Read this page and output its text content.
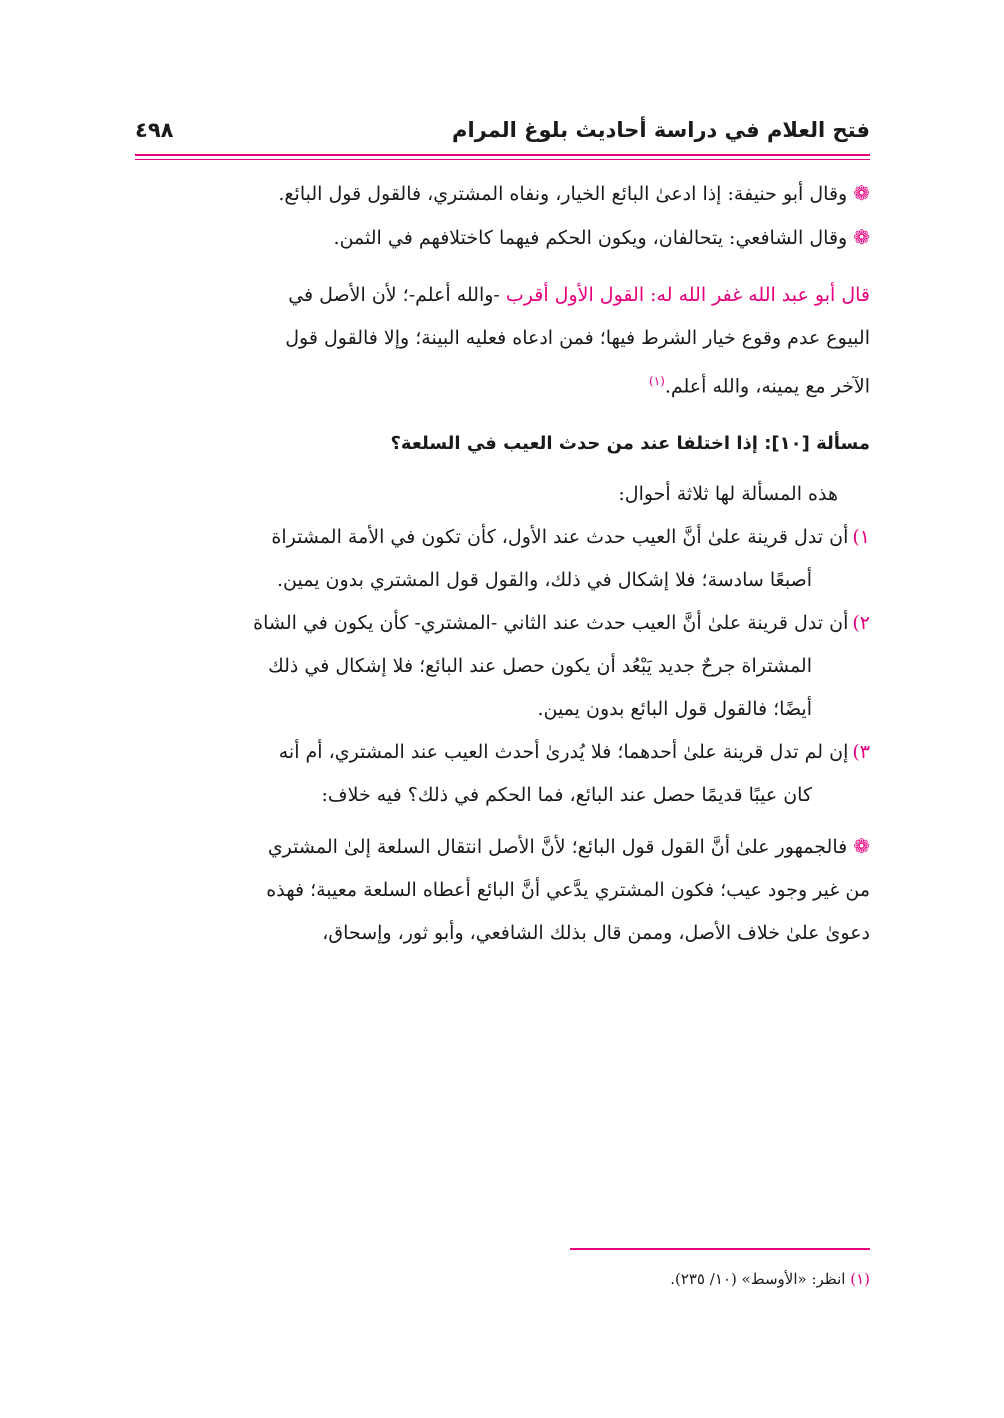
فتح العلام في دراسة أحاديث بلوغ المرام
٤٩٨
❁وقال أبو حنيفة: إذا ادعىٰ البائع الخيار، ونفاه المشتري، فالقول قول البائع.
❁وقال الشافعي: يتحالفان، ويكون الحكم فيهما كاختلافهم في الثمن.
قال أبو عبد الله غفر الله له: القول الأول أقرب -والله أعلم-؛ لأن الأصل في
البيوع عدم وقوع خيار الشرط فيها؛ فمن ادعاه فعليه البينة؛ وإلا فالقول قول
الآخر مع يمينه، والله أعلم.$^{(١)}$
مسألة [١٠]: إذا اختلفا عند من حدث العيب في السلعة؟
هذه المسألة لها ثلاثة أحوال:
١)أن تدل قرينة علىٰ أنَّ العيب حدث عند الأول، كأن تكون في الأمة المشتراة
أصبعًا سادسة؛ فلا إشكال في ذلك، والقول قول المشتري بدون يمين.
٢)أن تدل قرينة علىٰ أنَّ العيب حدث عند الثاني -المشتري- كأن يكون في الشاة
المشتراة جرحٌ جديد يَبْعُد أن يكون حصل عند البائع؛ فلا إشكال في ذلك
أيضًا؛ فالقول قول البائع بدون يمين.
٣)إن لم تدل قرينة علىٰ أحدهما؛ فلا يُدرىٰ أحدث العيب عند المشتري، أم أنه
كان عيبًا قديمًا حصل عند البائع، فما الحكم في ذلك؟ فيه خلاف:
❁فالجمهور علىٰ أنَّ القول قول البائع؛ لأنَّ الأصل انتقال السلعة إلىٰ المشتري
من غير وجود عيب؛ فكون المشتري يدَّعي أنَّ البائع أعطاه السلعة معيبة؛ فهذه
دعوىٰ علىٰ خلاف الأصل، وممن قال بذلك الشافعي، وأبو ثور، وإسحاق،
(١) انظر: «الأوسط» (١٠/ ٢٣٥).
